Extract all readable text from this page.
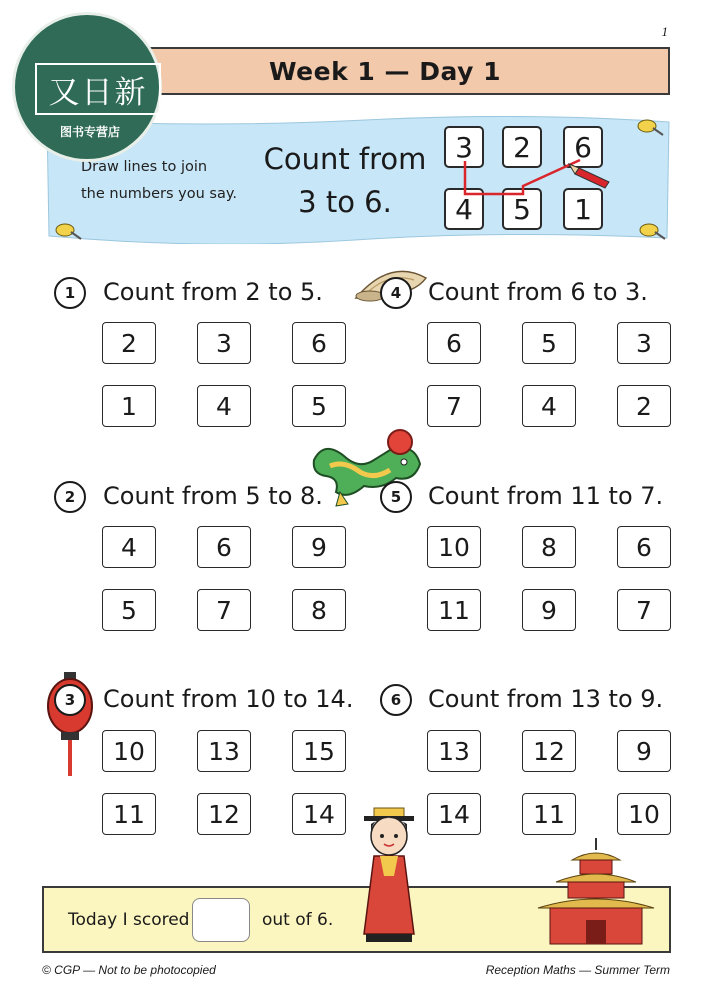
1
Week 1 — Day 1
又日新
图书专营店
Draw lines to join
the numbers you say.
Count from
3 to 6.
3	2	6
4	5	1
1	Count from 2 to 5.
2	3	6
1	4	5
2	Count from 5 to 8.
4	6	9
5	7	8
3	Count from 10 to 14.
10	13	15
11	12	14
4	Count from 6 to 3.
6	5	3
7	4	2
5	Count from 11 to 7.
10	8	6
11	9	7
6	Count from 13 to 9.
13	12	9
14	11	10
Today I scored	out of 6.
© CGP — Not to be photocopied	Reception Maths — Summer Term
